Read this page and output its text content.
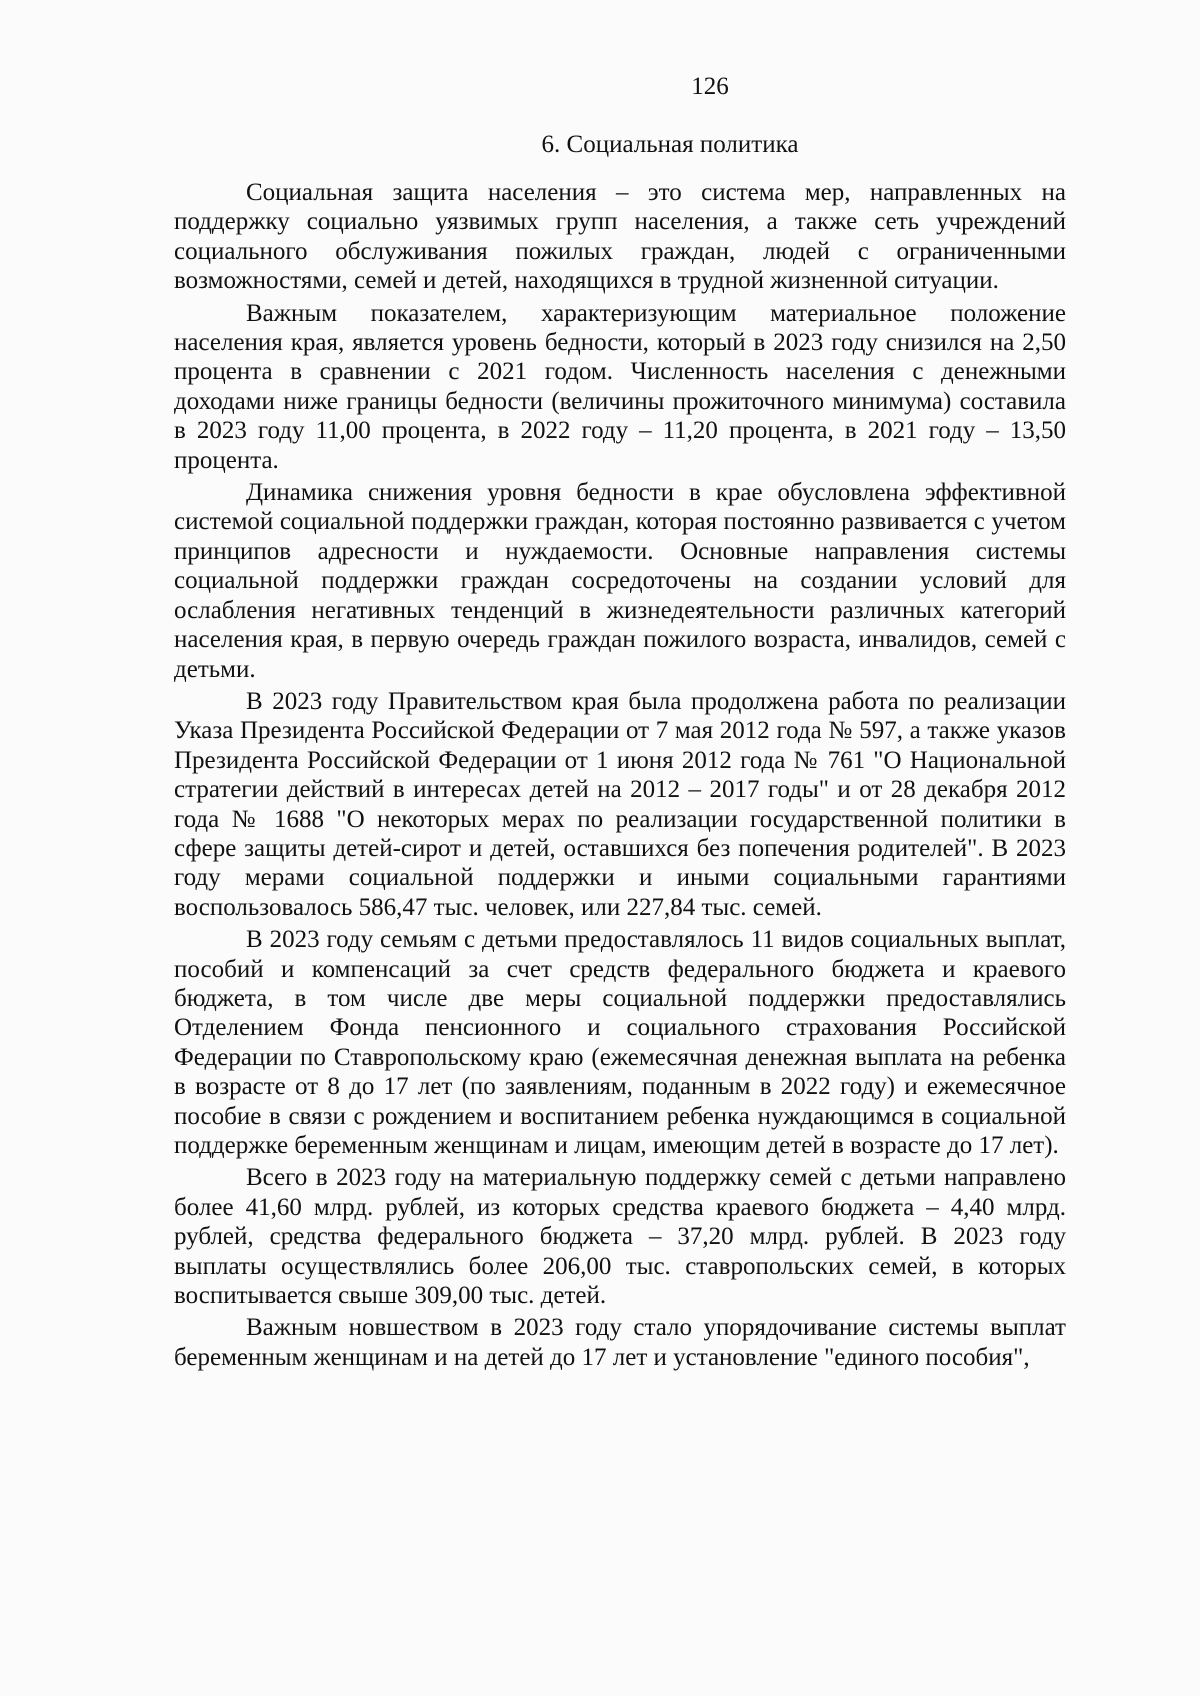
126
6. Социальная политика

Социальная защита населения – это система мер, направленных на поддержку социально уязвимых групп населения, а также сеть учреждений социального обслуживания пожилых граждан, людей с ограниченными возможностями, семей и детей, находящихся в трудной жизненной ситуации.

Важным показателем, характеризующим материальное положение населения края, является уровень бедности, который в 2023 году снизился на 2,50 процента в сравнении с 2021 годом. Численность населения с денежными доходами ниже границы бедности (величины прожиточного минимума) составила в 2023 году 11,00 процента, в 2022 году – 11,20 процента, в 2021 году – 13,50 процента.

Динамика снижения уровня бедности в крае обусловлена эффективной системой социальной поддержки граждан, которая постоянно развивается с учетом принципов адресности и нуждаемости. Основные направления системы социальной поддержки граждан сосредоточены на создании условий для ослабления негативных тенденций в жизнедеятельности различных категорий населения края, в первую очередь граждан пожилого возраста, инвалидов, семей с детьми.

В 2023 году Правительством края была продолжена работа по реализации Указа Президента Российской Федерации от 7 мая 2012 года № 597, а также указов Президента Российской Федерации от 1 июня 2012 года № 761 "О Национальной стратегии действий в интересах детей на 2012 – 2017 годы" и от 28 декабря 2012 года № 1688 "О некоторых мерах по реализации государственной политики в сфере защиты детей-сирот и детей, оставшихся без попечения родителей". В 2023 году мерами социальной поддержки и иными социальными гарантиями воспользовалось 586,47 тыс. человек, или 227,84 тыс. семей.

В 2023 году семьям с детьми предоставлялось 11 видов социальных выплат, пособий и компенсаций за счет средств федерального бюджета и краевого бюджета, в том числе две меры социальной поддержки предоставлялись Отделением Фонда пенсионного и социального страхования Российской Федерации по Ставропольскому краю (ежемесячная денежная выплата на ребенка в возрасте от 8 до 17 лет (по заявлениям, поданным в 2022 году) и ежемесячное пособие в связи с рождением и воспитанием ребенка нуждающимся в социальной поддержке беременным женщинам и лицам, имеющим детей в возрасте до 17 лет).

Всего в 2023 году на материальную поддержку семей с детьми направлено более 41,60 млрд. рублей, из которых средства краевого бюджета – 4,40 млрд. рублей, средства федерального бюджета – 37,20 млрд. рублей. В 2023 году выплаты осуществлялись более 206,00 тыс. ставропольских семей, в которых воспитывается свыше 309,00 тыс. детей.

Важным новшеством в 2023 году стало упорядочивание системы выплат беременным женщинам и на детей до 17 лет и установление "единого пособия",
